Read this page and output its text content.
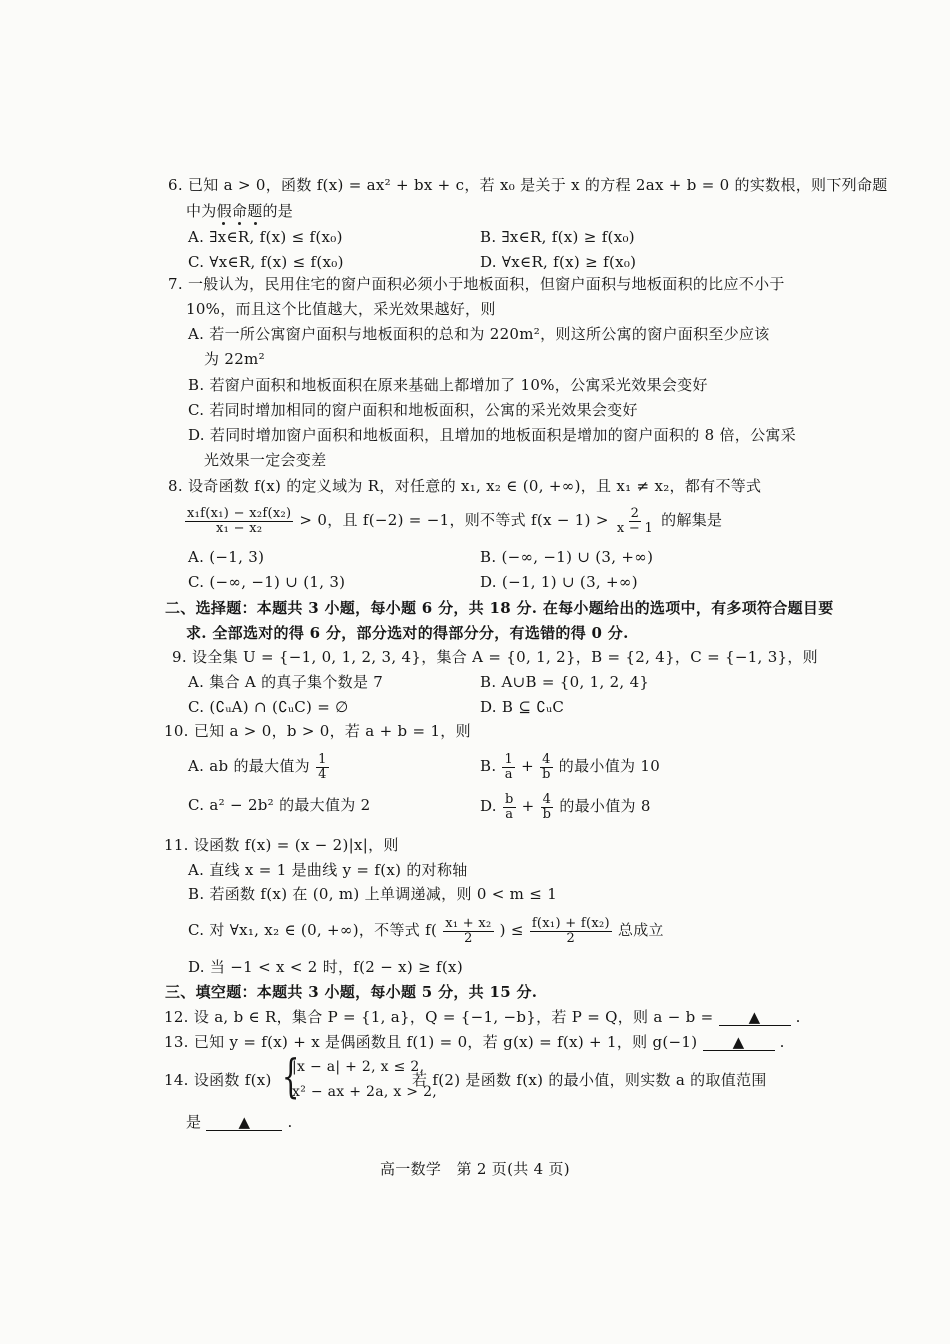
6. 已知 a > 0，函数 f(x) = ax² + bx + c，若 x₀ 是关于 x 的方程 2ax + b = 0 的实数根，则下列命题
中为假命题的是
A. ∃x∈R, f(x) ≤ f(x₀)	B. ∃x∈R, f(x) ≥ f(x₀)
C. ∀x∈R, f(x) ≤ f(x₀)	D. ∀x∈R, f(x) ≥ f(x₀)
7. 一般认为，民用住宅的窗户面积必须小于地板面积，但窗户面积与地板面积的比应不小于
10%，而且这个比值越大，采光效果越好，则
A. 若一所公寓窗户面积与地板面积的总和为 220m²，则这所公寓的窗户面积至少应该
为 22m²
B. 若窗户面积和地板面积在原来基础上都增加了 10%，公寓采光效果会变好
C. 若同时增加相同的窗户面积和地板面积，公寓的采光效果会变好
D. 若同时增加窗户面积和地板面积，且增加的地板面积是增加的窗户面积的 8 倍，公寓采
光效果一定会变差
8. 设奇函数 f(x) 的定义域为 R，对任意的 x₁, x₂ ∈ (0, +∞)，且 x₁ ≠ x₂，都有不等式
$\frac{\text{x₁f(x₁) − x₂f(x₂)}}{\text{x₁ − x₂}} > 0$，且 f(−2) = −1，则不等式 $f(x - 1) > \frac{2}{x - 1}$ 的解集是
A. (−1, 3)	B. (−∞, −1) ∪ (3, +∞)
C. (−∞, −1) ∪ (1, 3)	D. (−1, 1) ∪ (3, +∞)
二、选择题：本题共 3 小题，每小题 6 分，共 18 分. 在每小题给出的选项中，有多项符合题目要
求. 全部选对的得 6 分，部分选对的得部分分，有选错的得 0 分.
9. 设全集 U = {−1, 0, 1, 2, 3, 4}，集合 A = {0, 1, 2}，B = {2, 4}，C = {−1, 3}，则
A. 集合 A 的真子集个数是 7	B. A∪B = {0, 1, 2, 4}
C. (∁ᵤA) ∩ (∁ᵤC) = ∅	D. B ⊆ ∁ᵤC
10. 已知 a > 0，b > 0，若 a + b = 1，则
A. ab 的最大值为 $\frac{1}{4}$	B. $\frac{1}{a} + \frac{4}{b}$ 的最小值为 10
C. a² − 2b² 的最大值为 2	D. $\frac{b}{a} + \frac{4}{b}$ 的最小值为 8
11. 设函数 f(x) = (x − 2)|x|，则
A. 直线 x = 1 是曲线 y = f(x) 的对称轴
B. 若函数 f(x) 在 (0, m) 上单调递减，则 0 < m ≤ 1
C. 对 ∀x₁, x₂ ∈ (0, +∞)，不等式 $f( \frac{\text{x₁ + x₂}}{2}$ ) ≤ $\frac{\text{f(x₁) + f(x₂)}}{2}$ 总成立
D. 当 −1 < x < 2 时，f(2 − x) ≥ f(x)
三、填空题：本题共 3 小题，每小题 5 分，共 15 分.
12. 设 a, b ∈ R，集合 P = {1, a}，Q = {−1, −b}，若 P = Q，则 a − b = ▲ .
13. 已知 y = f(x) + x 是偶函数且 f(1) = 0，若 g(x) = f(x) + 1，则 g(−1) ▲ .
14. 设函数 f(x) {
|x − a| + 2, x ≤ 2,
x² − ax + 2a, x > 2,
若 f(2) 是函数 f(x) 的最小值，则实数 a 的取值范围
是 ▲ .
高一数学　第 2 页(共 4 页)
